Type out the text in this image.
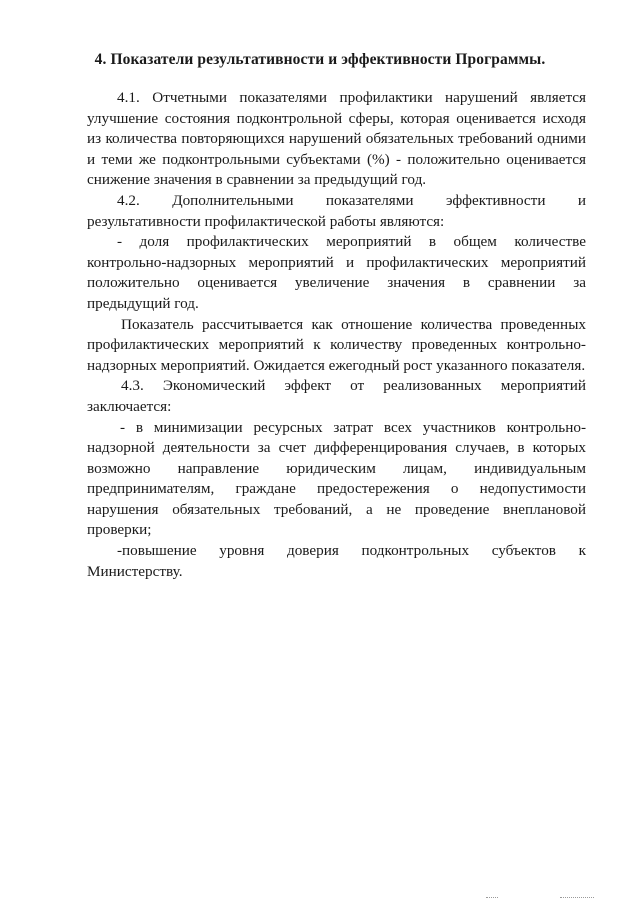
4. Показатели результативности и эффективности Программы.

4.1. Отчетными показателями профилактики нарушений является улучшение состояния подконтрольной сферы, которая оценивается исходя из количества повторяющихся нарушений обязательных требований одними и теми же подконтрольными субъектами (%) - положительно оценивается снижение значения в сравнении за предыдущий год.

4.2. Дополнительными показателями эффективности и результативности профилактической работы являются:

- доля профилактических мероприятий в общем количестве контрольно-надзорных мероприятий и профилактических мероприятий положительно оценивается увеличение значения в сравнении за предыдущий год.

Показатель рассчитывается как отношение количества проведенных профилактических мероприятий к количеству проведенных контрольно-надзорных мероприятий. Ожидается ежегодный рост указанного показателя.

4.3. Экономический эффект от реализованных мероприятий
заключается:

- в минимизации ресурсных затрат всех участников контрольно-надзорной деятельности за счет дифференцирования случаев, в которых возможно направление юридическим лицам, индивидуальным предпринимателям, граждане предостережения о недопустимости нарушения обязательных требований, а не проведение внеплановой проверки;

-повышение уровня доверия подконтрольных субъектов к Министерству.
